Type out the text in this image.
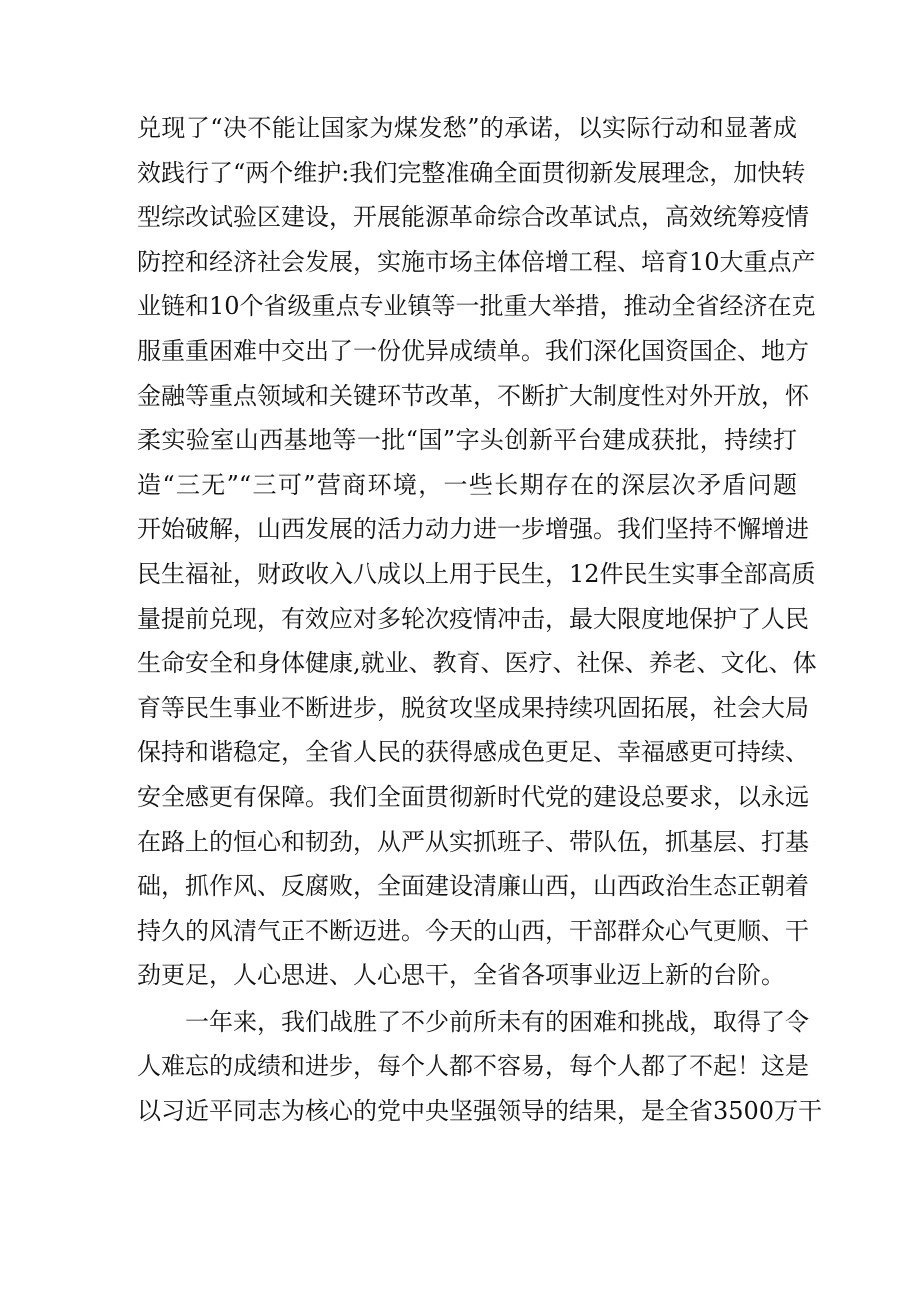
兑现了“决不能让国家为煤发愁”的承诺，以实际行动和显著成
效践行了“两个维护:我们完整准确全面贯彻新发展理念，加快转
型综改试验区建设，开展能源革命综合改革试点，高效统筹疫情
防控和经济社会发展，实施市场主体倍增工程、培育10大重点产
业链和10个省级重点专业镇等一批重大举措，推动全省经济在克
服重重困难中交出了一份优异成绩单。我们深化国资国企、地方
金融等重点领域和关键环节改革，不断扩大制度性对外开放，怀
柔实验室山西基地等一批“国”字头创新平台建成获批，持续打
造“三无”“三可”营商环境，一些长期存在的深层次矛盾问题
开始破解，山西发展的活力动力进一步增强。我们坚持不懈增进
民生福祉，财政收入八成以上用于民生，12件民生实事全部高质
量提前兑现，有效应对多轮次疫情冲击，最大限度地保护了人民
生命安全和身体健康,就业、教育、医疗、社保、养老、文化、体
育等民生事业不断进步，脱贫攻坚成果持续巩固拓展，社会大局
保持和谐稳定，全省人民的获得感成色更足、幸福感更可持续、
安全感更有保障。我们全面贯彻新时代党的建设总要求，以永远
在路上的恒心和韧劲，从严从实抓班子、带队伍，抓基层、打基
础，抓作风、反腐败，全面建设清廉山西，山西政治生态正朝着
持久的风清气正不断迈进。今天的山西，干部群众心气更顺、干
劲更足，人心思进、人心思干，全省各项事业迈上新的台阶。
一年来，我们战胜了不少前所未有的困难和挑战，取得了令
人难忘的成绩和进步，每个人都不容易，每个人都了不起！这是
以习近平同志为核心的党中央坚强领导的结果，是全省3500万干
